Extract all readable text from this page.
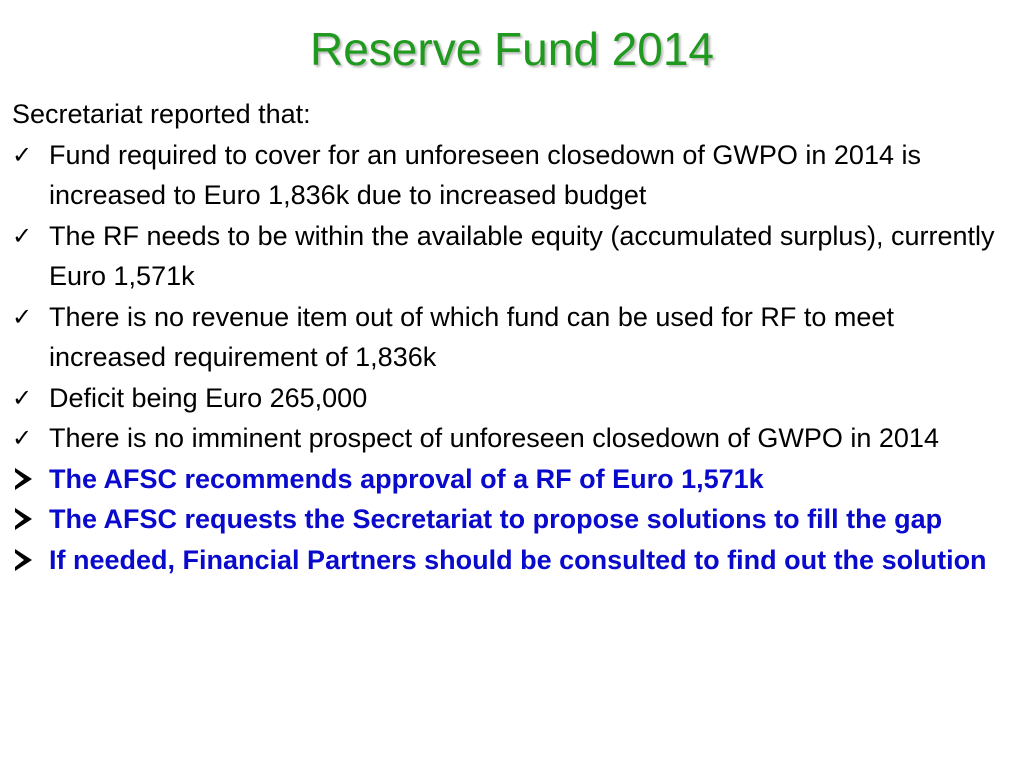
Reserve Fund 2014

Secretariat reported that:

✓ Fund required to cover for an unforeseen closedown of GWPO in 2014 is increased to Euro 1,836k due to increased budget
✓ The RF needs to be within the available equity (accumulated surplus), currently Euro 1,571k
✓ There is no revenue item out of which fund can be used for RF to meet increased requirement of 1,836k
✓ Deficit being Euro 265,000
✓ There is no imminent prospect of unforeseen closedown of GWPO in 2014
The AFSC recommends approval of a RF of Euro 1,571k
The AFSC requests the Secretariat to propose solutions to fill the gap
If needed, Financial Partners should be consulted to find out the solution
